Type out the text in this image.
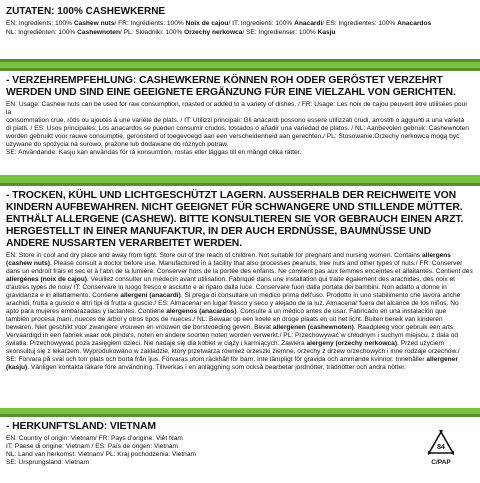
ZUTATEN: 100% CASHEWKERNE
EN: Ingredients: 100% Cashew nuts/ FR: Ingrédients: 100% Noix de cajou/ IT: Ingredienti: 100% Anacardi/ ES: Ingredientes: 100% Anacardos
NL: Ingrediënten: 100% Cashewnoten/ PL: Składniki: 100% Orzechy nerkowca/ SE: Ingredienser: 100% Kasju
- VERZEHREMPFEHLUNG: CASHEWKERNE KÖNNEN ROH ODER GERÖSTET VERZEHRT WERDEN UND SIND EINE GEEIGNETE ERGÄNZUNG FÜR EINE VIELZAHL VON GERICHTEN.
EN: Usage: Cashew nuts can be used for raw consumption, roasted or added to a variety of dishes. / FR: Usage: Les noix de cajou peuvent être utilisées pour la
consommation crue, rôtis ou ajoutés à une variété de plats. / IT: Utilizzi principali: Gli anacardi possono essere utilizzati crudi, arrostiti o aggiunti a una varietà
di piatti. / ES: Usos principales: Los anacardos se pueden consumir crudos, tostados o añadir una variedad de platos. / NL: Aanbevolen gebruik: Cashewnoten
worden gebruikt voor rauwe consumptie, geroosterd of toegevoegd aan een verscheidenheid aan gerechten./ PL: Stosowanie:Orzechy nerkowca mogą być
używane do spożycia na surowo, prażone lub dodawane do różnych potraw.
SE: Användande: Kasju kan användas för rå konsumtion, rostas eller läggas till en mängd olika rätter.
- TROCKEN, KÜHL UND LICHTGESCHÜTZT LAGERN. AUSSERHALB DER REICHWEITE VON KINDERN AUFBEWAHREN. NICHT GEEIGNET FÜR SCHWANGERE UND STILLENDE MÜTTER. ENTHÄLT ALLERGENE (CASHEW). BITTE KONSULTIEREN SIE VOR GEBRAUCH EINEN ARZT. HERGESTELLT IN EINER MANUFAKTUR, IN DER AUCH ERDNÜSSE, BAUMNÜSSE UND ANDERE NUSSARTEN VERARBEITET WERDEN.
EN: Store in cool and dry place and away from light. Store out of the reach of children. Not suitable for pregnant and nursing women. Contains allergens
(cashew nuts). Please consult a doctor before use. Manufactured in a facility that also processes peanuts, tree nuts and other types of nuts./ FR: Conserver
dans un endroit frais et sec et à l'abri de la lumière. Conserver hors de la portée des enfants. Ne convient pas aux femmes enceintes et allaitantes. Contient des
allergènes (noix de cajou). Veuillez consulter un médecin avant utilisation. Fabriqué dans une installation qui traite également des arachides, des noix et
d'autres types de noix/ IT: Conservare in luogo fresco e asciutto e al riparo dalla luce. Conservare fuori dalla portata dei bambini. Non adatto a donne in
gravidanza e in allattamento. Contiene allergeni (anacardi). Si prega di consultare un medico prima dell'uso. Prodotto in uno stabilimento che lavora anche
arachidi, frutta a guscio e altri tipi di frutta a guscio./ ES: Almacenar en lugar fresco y seco y alejado de la luz. Almacenar fuera del alcance de los niños. No
apto para mujeres embarazadas y lactantes. Contiene alérgenos (anacardos). Consulte a un médico antes de usar. Fabricado en una instalación que
también procesa maní, nueces de árbol y otros tipos de nueces./ NL: Bewaar op een koele en droge plaats en uit het licht. Buiten bereik van kinderen
bewaren. Niet geschikt voor zwangere vrouwen en vrouwen die borstvoeding geven. Bevat allergenen (cashewnoten). Raadpleeg voor gebruik een arts.
Vervaardigd in een fabriek waar ook pinda's, noten en andere soorten noten worden verwerkt./ PL: Przechowywać w chłodnym i suchym miejscu, z dala od
światła. Przechowywać poza zasięgiem dzieci. Nie nadaje się dla kobiet w ciąży i karmiących. Zawiera alergeny (orzechy nerkowca). Przed użyciem
skonsultuj się z lekarzem. Wyprodukowano w zakładzie, który przetwarza również orzeszki ziemne, orzechy z drzew orzechowych i inne rodzaje orzechów./
SE: Förvara på sval och torr plats och borta från ljus. Förvaras utom räckhåll för barn. Inte lämpligt för gravida och ammande kvinnor. Innehåller allergener
(kasju). Vänligen kontakta läkare före användning. Tillverkas i en anläggning som också bearbetar jordnötter, trädnötter och andra nötter.
- HERKUNFTSLAND: VIETNAM
EN: Country of origin: Vietnam/ FR: Pays d'origine: Viêt Nam
IT: Paese di origine: Vietnam / ES: País de origen: Vietnam
NL: Land van herkomst: Vietnam/ PL: Kraj pochodzenia: Vietnam
SE: Ursprungsland: Vietnam
84
C/PAP
